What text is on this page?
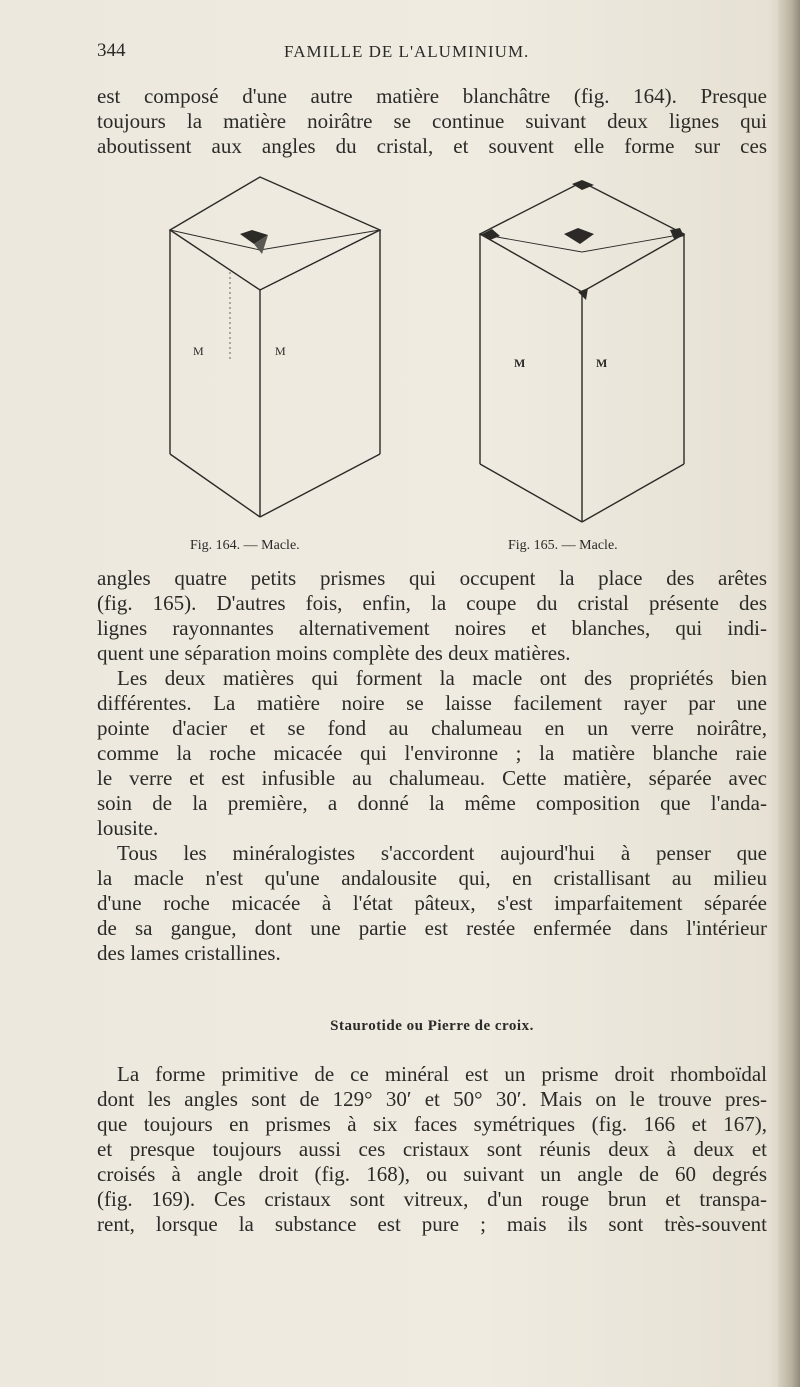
344	FAMILLE DE L'ALUMINIUM.
est composé d'une autre matière blanchâtre (fig. 164). Presque
toujours la matière noirâtre se continue suivant deux lignes qui
aboutissent aux angles du cristal, et souvent elle forme sur ces
M	M
Fig. 164. — Macle.
M	M
Fig. 165. — Macle.
angles quatre petits prismes qui occupent la place des arêtes
(fig. 165). D'autres fois, enfin, la coupe du cristal présente des
lignes rayonnantes alternativement noires et blanches, qui indi-
quent une séparation moins complète des deux matières.
Les deux matières qui forment la macle ont des propriétés bien
différentes. La matière noire se laisse facilement rayer par une
pointe d'acier et se fond au chalumeau en un verre noirâtre,
comme la roche micacée qui l'environne ; la matière blanche raie
le verre et est infusible au chalumeau. Cette matière, séparée avec
soin de la première, a donné la même composition que l'anda-
lousite.
Tous les minéralogistes s'accordent aujourd'hui à penser que
la macle n'est qu'une andalousite qui, en cristallisant au milieu
d'une roche micacée à l'état pâteux, s'est imparfaitement séparée
de sa gangue, dont une partie est restée enfermée dans l'intérieur
des lames cristallines.
Staurotide ou Pierre de croix.
La forme primitive de ce minéral est un prisme droit rhomboïdal
dont les angles sont de 129° 30′ et 50° 30′. Mais on le trouve pres-
que toujours en prismes à six faces symétriques (fig. 166 et 167),
et presque toujours aussi ces cristaux sont réunis deux à deux et
croisés à angle droit (fig. 168), ou suivant un angle de 60 degrés
(fig. 169). Ces cristaux sont vitreux, d'un rouge brun et transpa-
rent, lorsque la substance est pure ; mais ils sont très-souvent
